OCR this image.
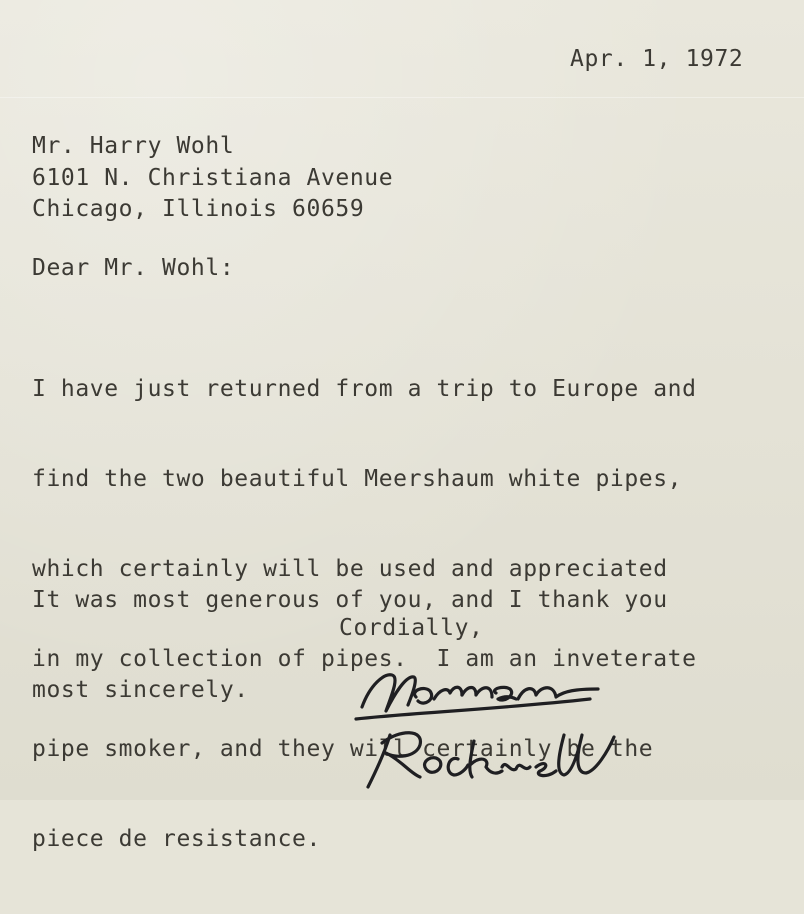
Apr. 1, 1972
Mr. Harry Wohl
6101 N. Christiana Avenue
Chicago, Illinois 60659
Dear Mr. Wohl:

I have just returned from a trip to Europe and

find the two beautiful Meershaum white pipes,

which certainly will be used and appreciated

in my collection of pipes.  I am an inveterate

pipe smoker, and they will certainly be the

piece de resistance.

It was most generous of you, and I thank you

most sincerely.

Cordially,
